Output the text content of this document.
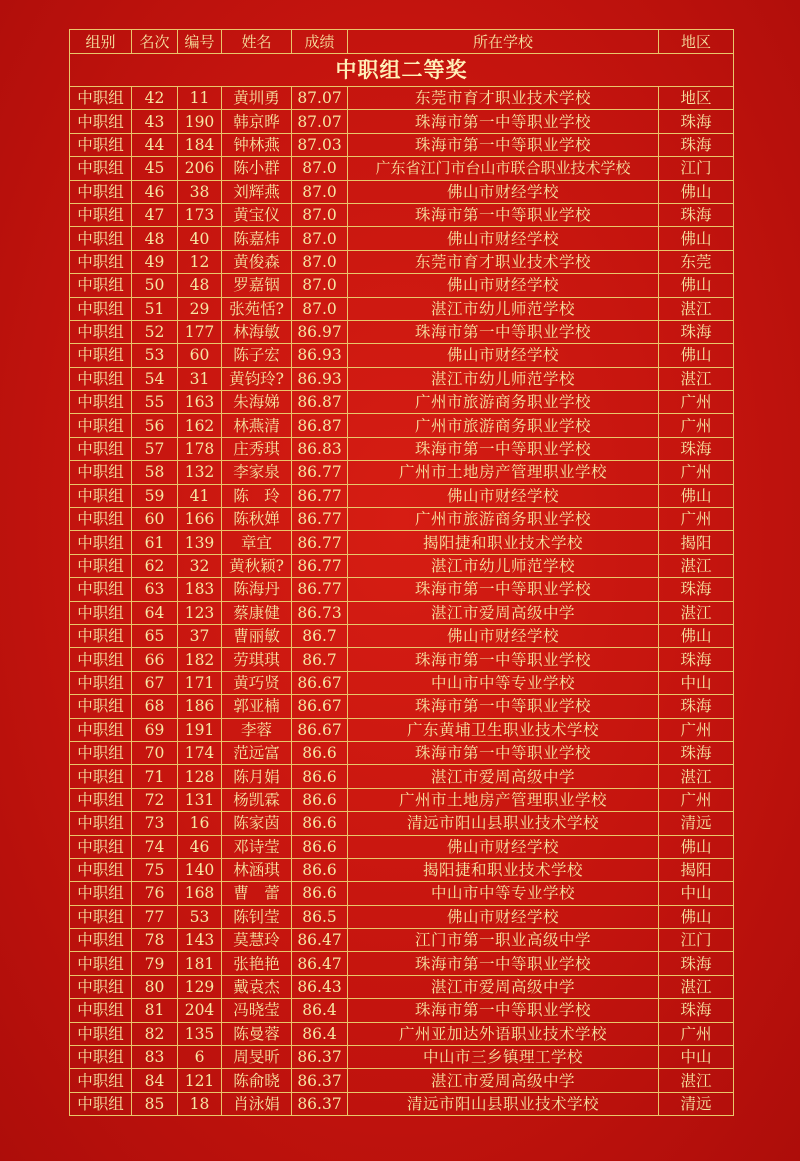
组别	名次	编号	姓名	成绩	所在学校	地区
中职组二等奖						
中职组	42	11	黄圳勇	87.07	东莞市育才职业技术学校	地区
中职组	43	190	韩京晔	87.07	珠海市第一中等职业学校	珠海
中职组	44	184	钟林燕	87.03	珠海市第一中等职业学校	珠海
中职组	45	206	陈小群	87.0	广东省江门市台山市联合职业技术学校	江门
中职组	46	38	刘辉燕	87.0	佛山市财经学校	佛山
中职组	47	173	黄宝仪	87.0	珠海市第一中等职业学校	珠海
中职组	48	40	陈嘉炜	87.0	佛山市财经学校	佛山
中职组	49	12	黄俊森	87.0	东莞市育才职业技术学校	东莞
中职组	50	48	罗嘉铟	87.0	佛山市财经学校	佛山
中职组	51	29	张苑恬?	87.0	湛江市幼儿师范学校	湛江
中职组	52	177	林海敏	86.97	珠海市第一中等职业学校	珠海
中职组	53	60	陈子宏	86.93	佛山市财经学校	佛山
中职组	54	31	黄钧玲?	86.93	湛江市幼儿师范学校	湛江
中职组	55	163	朱海娣	86.87	广州市旅游商务职业学校	广州
中职组	56	162	林燕清	86.87	广州市旅游商务职业学校	广州
中职组	57	178	庄秀琪	86.83	珠海市第一中等职业学校	珠海
中职组	58	132	李家泉	86.77	广州市土地房产管理职业学校	广州
中职组	59	41	陈　玲	86.77	佛山市财经学校	佛山
中职组	60	166	陈秋婵	86.77	广州市旅游商务职业学校	广州
中职组	61	139	章宜	86.77	揭阳捷和职业技术学校	揭阳
中职组	62	32	黄秋颖?	86.77	湛江市幼儿师范学校	湛江
中职组	63	183	陈海丹	86.77	珠海市第一中等职业学校	珠海
中职组	64	123	蔡康健	86.73	湛江市爱周高级中学	湛江
中职组	65	37	曹丽敏	86.7	佛山市财经学校	佛山
中职组	66	182	劳琪琪	86.7	珠海市第一中等职业学校	珠海
中职组	67	171	黄巧贤	86.67	中山市中等专业学校	中山
中职组	68	186	郭亚楠	86.67	珠海市第一中等职业学校	珠海
中职组	69	191	李蓉	86.67	广东黄埔卫生职业技术学校	广州
中职组	70	174	范远富	86.6	珠海市第一中等职业学校	珠海
中职组	71	128	陈月娟	86.6	湛江市爱周高级中学	湛江
中职组	72	131	杨凯霖	86.6	广州市土地房产管理职业学校	广州
中职组	73	16	陈家茵	86.6	清远市阳山县职业技术学校	清远
中职组	74	46	邓诗莹	86.6	佛山市财经学校	佛山
中职组	75	140	林涵琪	86.6	揭阳捷和职业技术学校	揭阳
中职组	76	168	曹　蕾	86.6	中山市中等专业学校	中山
中职组	77	53	陈钊莹	86.5	佛山市财经学校	佛山
中职组	78	143	莫慧玲	86.47	江门市第一职业高级中学	江门
中职组	79	181	张艳艳	86.47	珠海市第一中等职业学校	珠海
中职组	80	129	戴袁杰	86.43	湛江市爱周高级中学	湛江
中职组	81	204	冯晓莹	86.4	珠海市第一中等职业学校	珠海
中职组	82	135	陈曼蓉	86.4	广州亚加达外语职业技术学校	广州
中职组	83	6	周旻昕	86.37	中山市三乡镇理工学校	中山
中职组	84	121	陈俞晓	86.37	湛江市爱周高级中学	湛江
中职组	85	18	肖泳娟	86.37	清远市阳山县职业技术学校	清远
